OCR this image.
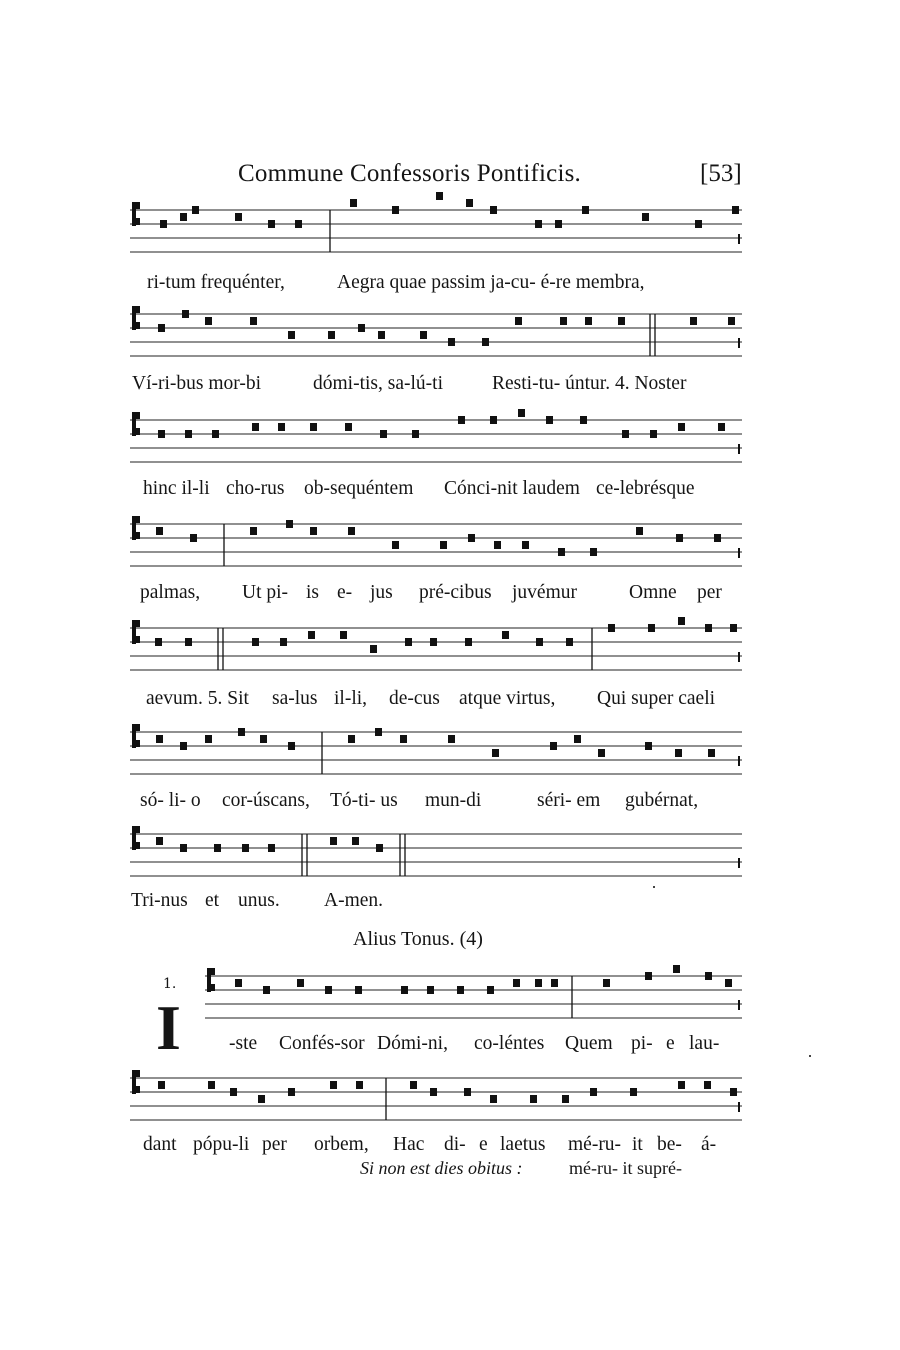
Commune Confessoris Pontificis.	[53]
ri-tum frequénter,	Aegra quae passim ja-cu- é-re membra,
Ví-ri-bus mor-bi	dómi-tis, sa-lú-ti	Resti-tu- úntur. 4. Noster
hinc il-li cho-rus ob-sequéntem Cónci-nit laudem ce-lebrésque
palmas, Ut pi- is e- jus pré-cibus juvémur	Omne per
aevum. 5. Sit sa-lus il-li, de-cus atque virtus, Qui super caeli
só- li- o cor-úscans, Tó-ti- us mun-di	séri- em gubérnat,
Tri-nus et unus. A-men.
Alius Tonus. (4)
1.
I -ste Confés-sor Dómi-ni, co-léntes Quem pi- e lau-
dant pópu-li per orbem, Hac di- e laetus mé-ru- it be- á-
Si non est dies obitus :	mé-ru- it supré-
